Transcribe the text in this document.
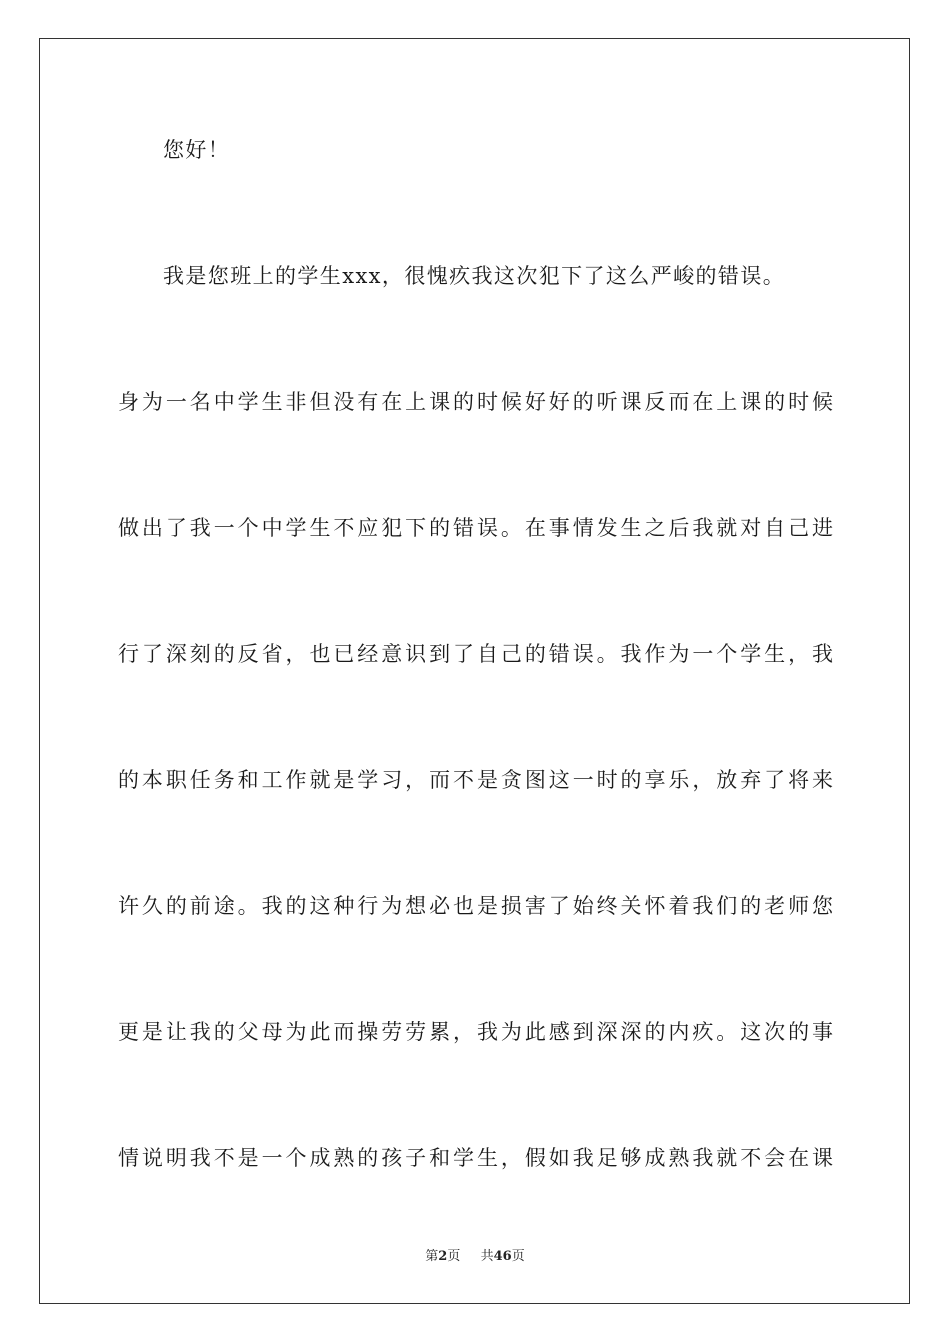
您好！
我是您班上的学生xxx，很愧疚我这次犯下了这么严峻的错误。
身为一名中学生非但没有在上课的时候好好的听课反而在上课的时候
做出了我一个中学生不应犯下的错误。在事情发生之后我就对自己进
行了深刻的反省，也已经意识到了自己的错误。我作为一个学生，我
的本职任务和工作就是学习，而不是贪图这一时的享乐，放弃了将来
许久的前途。我的这种行为想必也是损害了始终关怀着我们的老师您
更是让我的父母为此而操劳劳累，我为此感到深深的内疚。这次的事
情说明我不是一个成熟的孩子和学生，假如我足够成熟我就不会在课
第2页 共46页
